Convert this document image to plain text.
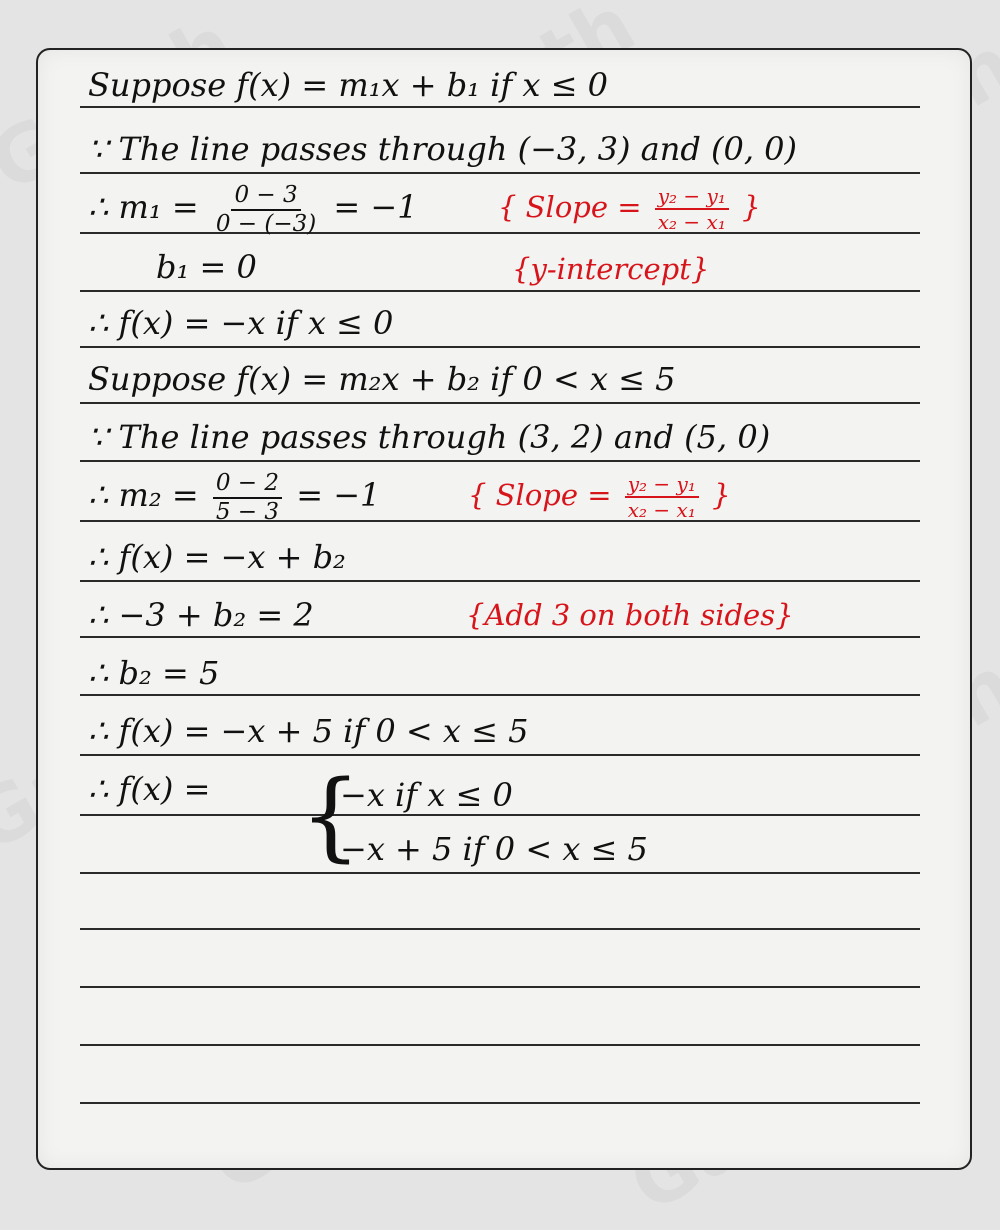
Suppose f(x) = m₁x + b₁ if x ≤ 0
∵ The line passes through (−3, 3) and (0, 0)
∴ $m_1 = \frac{0 - 3}{0 - (-3)} = -1$	{ Slope = $\frac{\text{y₂ − y₁}}{\text{x₂ − x₁}}$ }
b₁ = 0	{y-intercept}
∴ f(x) = −x if x ≤ 0
Suppose f(x) = m₂x + b₂ if 0 < x ≤ 5
∵ The line passes through (3, 2) and (5, 0)
∴ $m_2 = \frac{0 - 2}{5 - 3} = -1$	{ Slope = $\frac{\text{y₂ − y₁}}{\text{x₂ − x₁}}$ }
∴ f(x) = −x + b₂
∴ −3 + b₂ = 2	{Add 3 on both sides}
∴ b₂ = 5
∴ f(x) = −x + 5 if 0 < x ≤ 5
∴ f(x) = {
−x if x ≤ 0
−x + 5 if 0 < x ≤ 5
